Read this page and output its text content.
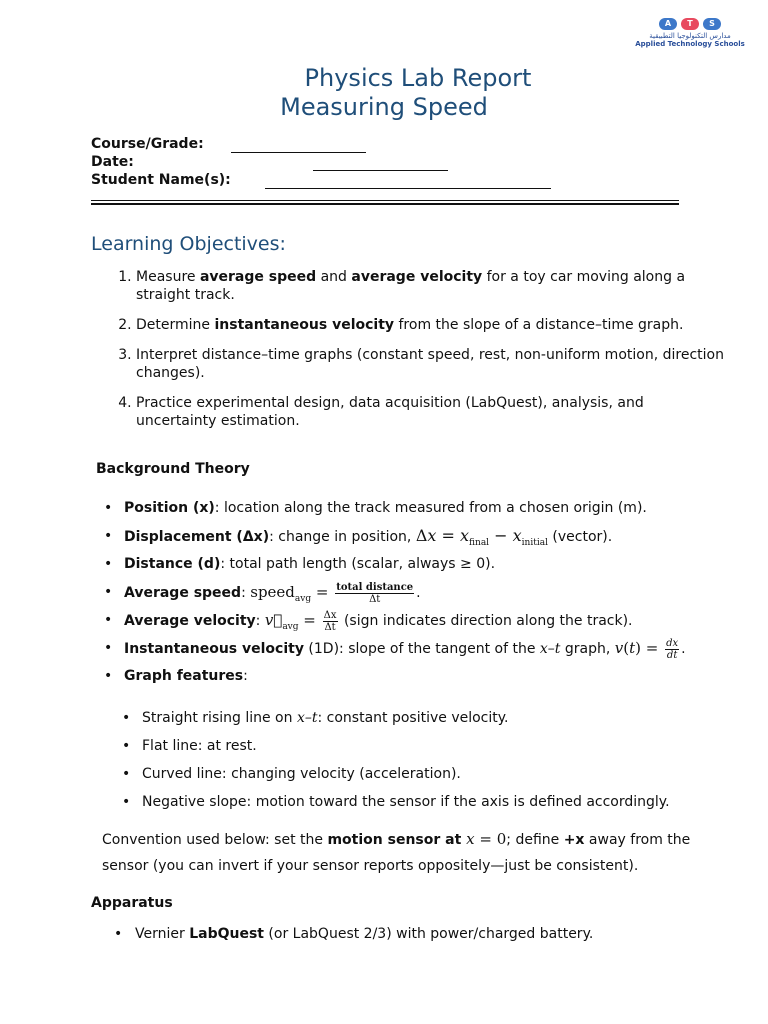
A	T	S
مدارس التكنولوجيا التطبيقية
Applied Technology Schools
Physics Lab Report
Measuring Speed
Course/Grade:
Date:
Student Name(s):
Learning Objectives:
1. Measure average speed and average velocity for a toy car moving along a straight track.
2. Determine instantaneous velocity from the slope of a distance–time graph.
3. Interpret distance–time graphs (constant speed, rest, non-uniform motion, direction changes).
4. Practice experimental design, data acquisition (LabQuest), analysis, and uncertainty estimation.
Background Theory
• Position (x): location along the track measured from a chosen origin (m).
• Displacement (Δx): change in position, $\Delta x = x_{final} - x_{initial}$ (vector).
• Distance (d): total path length (scalar, always ≥ 0).
• Average speed: speed$_{avg}$ = $\frac{\text{total distance}}{\Delta t}$ .
• Average velocity: $v⃗_{avg} = \frac{\Delta x}{\Delta t}$ (sign indicates direction along the track).
• Instantaneous velocity (1D): slope of the tangent of the x–t graph, $v(t) = \frac{dx}{dt}$ .
• Graph features:
• Straight rising line on x–t: constant positive velocity.
• Flat line: at rest.
• Curved line: changing velocity (acceleration).
• Negative slope: motion toward the sensor if the axis is defined accordingly.
Convention used below: set the motion sensor at x = 0; define +x away from the sensor (you can invert if your sensor reports oppositely—just be consistent).
Apparatus
• Vernier LabQuest (or LabQuest 2/3) with power/charged battery.
